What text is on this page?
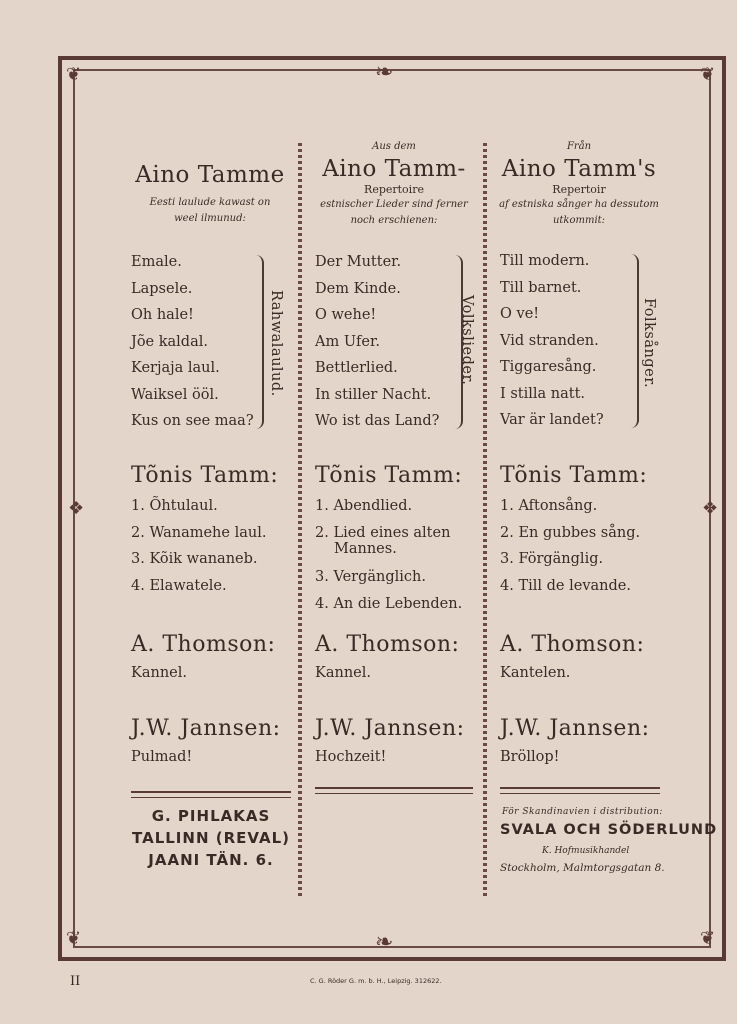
❦	❦
❦	❦
❧
❧
❖	❖
Aino Tamme
Eesti laulude kawast on
weel ilmunud:
Emale.
Lapsele.
Oh hale!
Jõe kaldal.
Kerjaja laul.
Waiksel ööl.
Kus on see maa?
Rahwalaulud.
Tõnis Tamm:
1. Õhtulaul.
2. Wanamehe laul.
3. Kõik wananeb.
4. Elawatele.
A. Thomson:
Kannel.
J.W. Jannsen:
Pulmad!
G. PIHLAKAS
TALLINN (REVAL)
JAANI TÄN. 6.
Aus dem
Aino Tamm-
Repertoire
estnischer Lieder sind ferner
noch erschienen:
Der Mutter.
Dem Kinde.
O wehe!
Am Ufer.
Bettlerlied.
In stiller Nacht.
Wo ist das Land?
Volkslieder.
Tõnis Tamm:
1. Abendlied.
2. Lied eines alten
Mannes.
3. Vergänglich.
4. An die Lebenden.
A. Thomson:
Kannel.
J.W. Jannsen:
Hochzeit!
Från
Aino Tamm's
Repertoir
af estniska sånger ha dessutom
utkommit:
Till modern.
Till barnet.
O ve!
Vid stranden.
Tiggaresång.
I stilla natt.
Var är landet?
Folksånger.
Tõnis Tamm:
1. Aftonsång.
2. En gubbes sång.
3. Förgänglig.
4. Till de levande.
A. Thomson:
Kantelen.
J.W. Jannsen:
Bröllop!
För Skandinavien i distribution:
SVALA OCH SÖDERLUND
K. Hofmusikhandel
Stockholm, Malmtorgsgatan 8.
II	C. G. Röder G. m. b. H., Leipzig. 312622.
